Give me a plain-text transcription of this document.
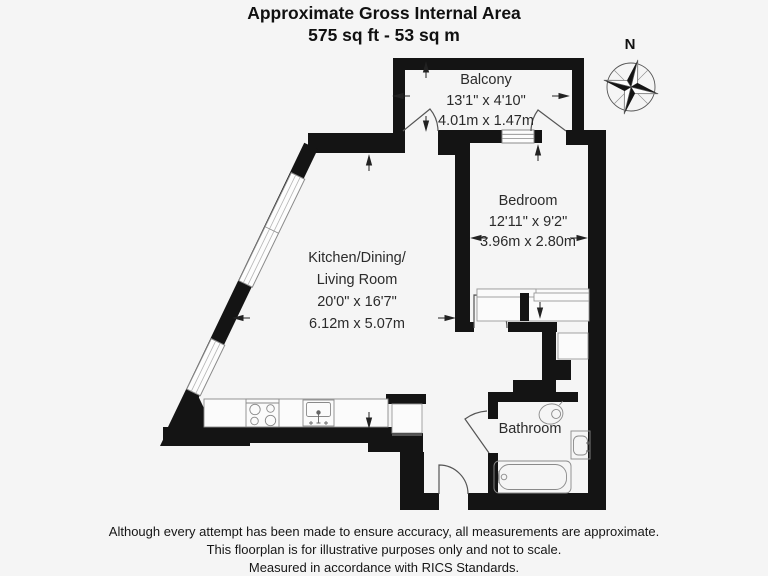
Approximate Gross Internal Area
575 sq ft - 53 sq m	N
Balcony
13'1" x 4'10"
4.01m x 1.47m
Bedroom
12'11" x 9'2"
3.96m x 2.80m
Kitchen/Dining/
Living Room
20'0" x 16'7"
6.12m x 5.07m
Bathroom
Although every attempt has been made to ensure accuracy, all measurements are approximate.
This floorplan is for illustrative purposes only and not to scale.
Measured in accordance with RICS Standards.
